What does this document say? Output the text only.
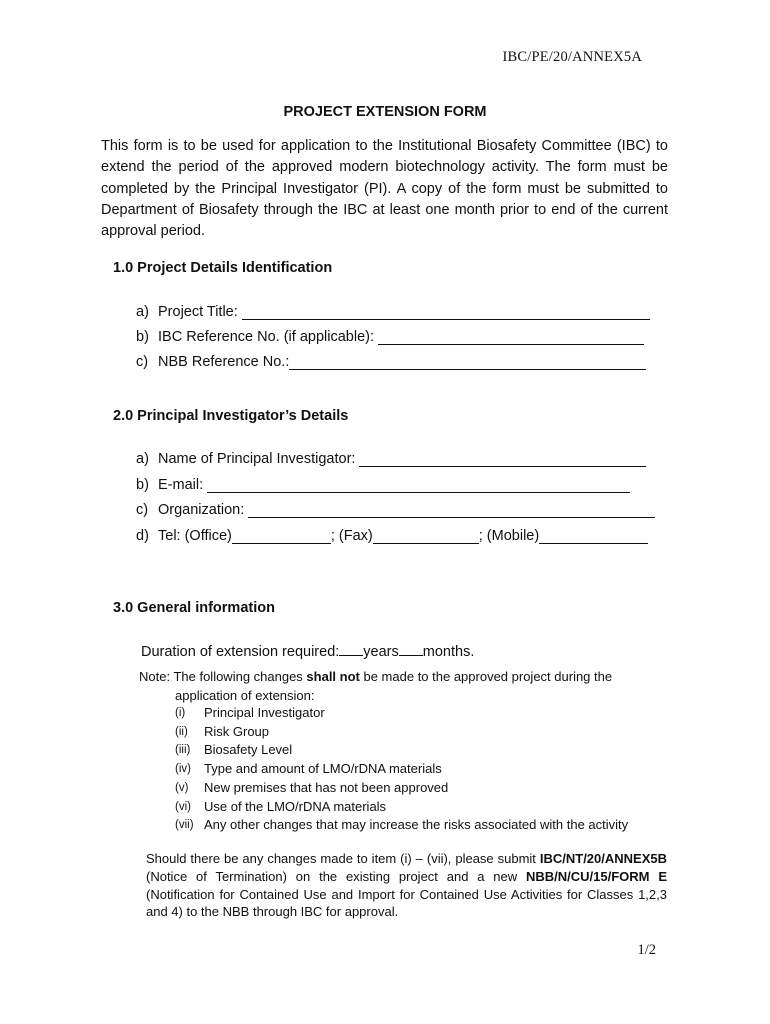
IBC/PE/20/ANNEX5A
PROJECT EXTENSION FORM
This form is to be used for application to the Institutional Biosafety Committee (IBC) to extend the period of the approved modern biotechnology activity. The form must be completed by the Principal Investigator (PI). A copy of the form must be submitted to Department of Biosafety through the IBC at least one month prior to end of the current approval period.
1.0 Project Details Identification
a) Project Title:
b) IBC Reference No. (if applicable):
c) NBB Reference No.:
2.0 Principal Investigator’s Details
a) Name of Principal Investigator:
b) E-mail:
c) Organization:
d) Tel: (Office)	; (Fax)	; (Mobile)
3.0 General information
Duration of extension required: years months.
Note: The following changes shall not be made to the approved project during the
application of extension:
(i)	Principal Investigator
(ii)	Risk Group
(iii)	Biosafety Level
(iv)	Type and amount of LMO/rDNA materials
(v)	New premises that has not been approved
(vi)	Use of the LMO/rDNA materials
(vii) Any other changes that may increase the risks associated with the activity
Should there be any changes made to item (i) – (vii), please submit IBC/NT/20/ANNEX5B (Notice of Termination) on the existing project and a new NBB/N/CU/15/FORM E (Notification for Contained Use and Import for Contained Use Activities for Classes 1,2,3 and 4) to the NBB through IBC for approval.
1/2
